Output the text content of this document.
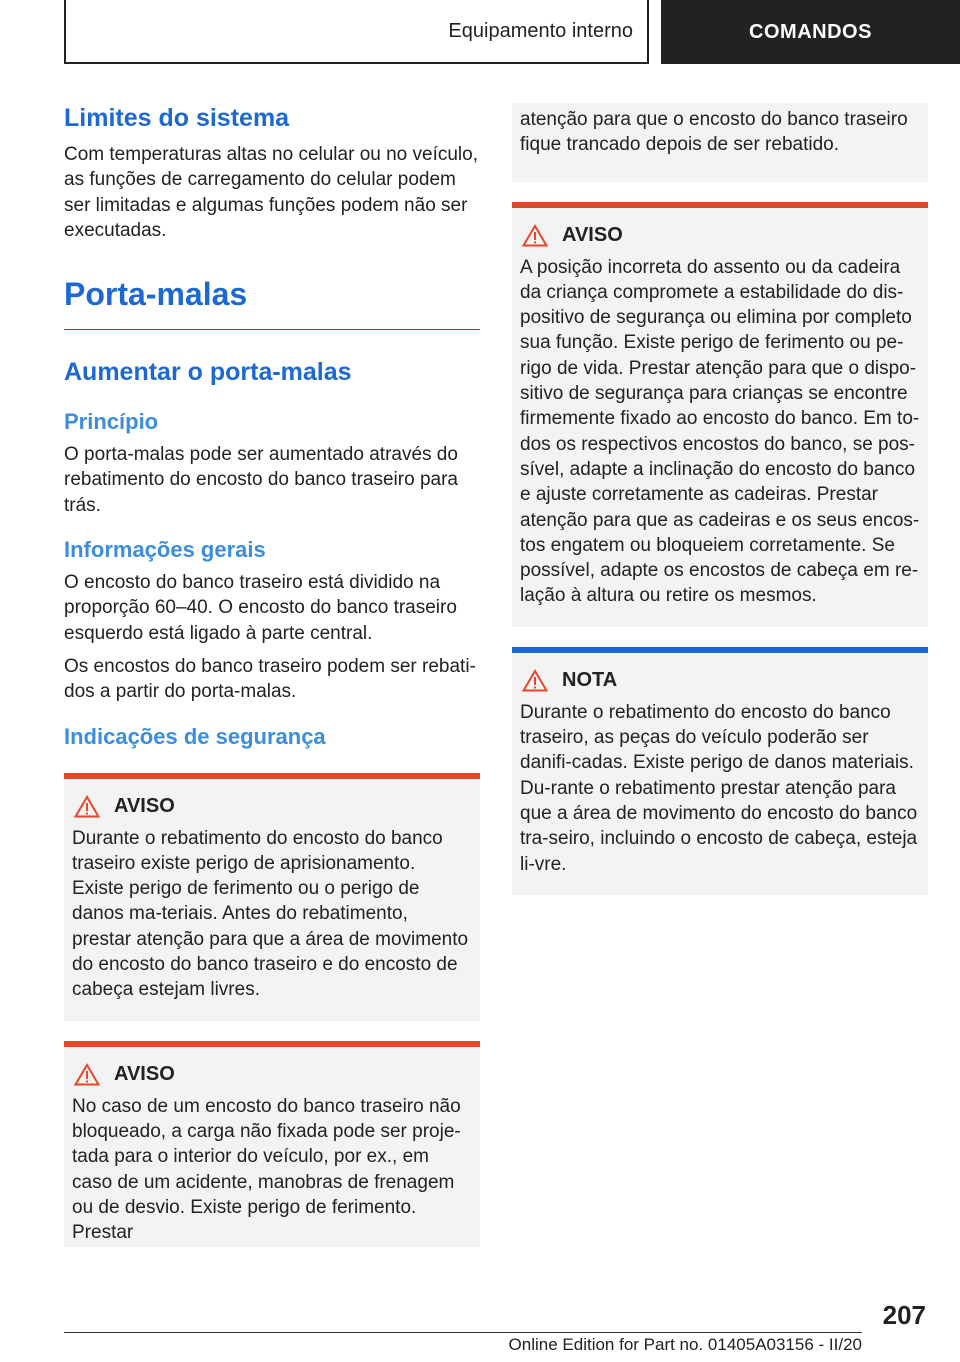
Equipamento interno	COMANDOS
Limites do sistema

Com temperaturas altas no celular ou no veículo, as funções de carregamento do celular podem ser limitadas e algumas funções podem não ser executadas.

Porta-malas
Aumentar o porta-malas
Princípio

O porta-malas pode ser aumentado através do rebatimento do encosto do banco traseiro para trás.

Informações gerais

O encosto do banco traseiro está dividido na proporção 60–40. O encosto do banco traseiro esquerdo está ligado à parte central.

Os encostos do banco traseiro podem ser rebati-dos a partir do porta-malas.

Indicações de segurança
AVISO

Durante o rebatimento do encosto do banco traseiro existe perigo de aprisionamento. Existe perigo de ferimento ou o perigo de danos ma-teriais. Antes do rebatimento, prestar atenção para que a área de movimento do encosto do banco traseiro e do encosto de cabeça estejam livres.

AVISO

No caso de um encosto do banco traseiro não bloqueado, a carga não fixada pode ser proje-tada para o interior do veículo, por ex., em caso de um acidente, manobras de frenagem ou de desvio. Existe perigo de ferimento. Prestar

atenção para que o encosto do banco traseiro fique trancado depois de ser rebatido.

AVISO

A posição incorreta do assento ou da cadeira da criança compromete a estabilidade do dis-positivo de segurança ou elimina por completo sua função. Existe perigo de ferimento ou pe-rigo de vida. Prestar atenção para que o dispo-sitivo de segurança para crianças se encontre firmemente fixado ao encosto do banco. Em to-dos os respectivos encostos do banco, se pos-sível, adapte a inclinação do encosto do banco e ajuste corretamente as cadeiras. Prestar atenção para que as cadeiras e os seus encos-tos engatem ou bloqueiem corretamente. Se possível, adapte os encostos de cabeça em re-lação à altura ou retire os mesmos.

NOTA

Durante o rebatimento do encosto do banco traseiro, as peças do veículo poderão ser danifi-cadas. Existe perigo de danos materiais. Du-rante o rebatimento prestar atenção para que a área de movimento do encosto do banco tra-seiro, incluindo o encosto de cabeça, esteja li-vre.

207
Online Edition for Part no. 01405A03156 - II/20
